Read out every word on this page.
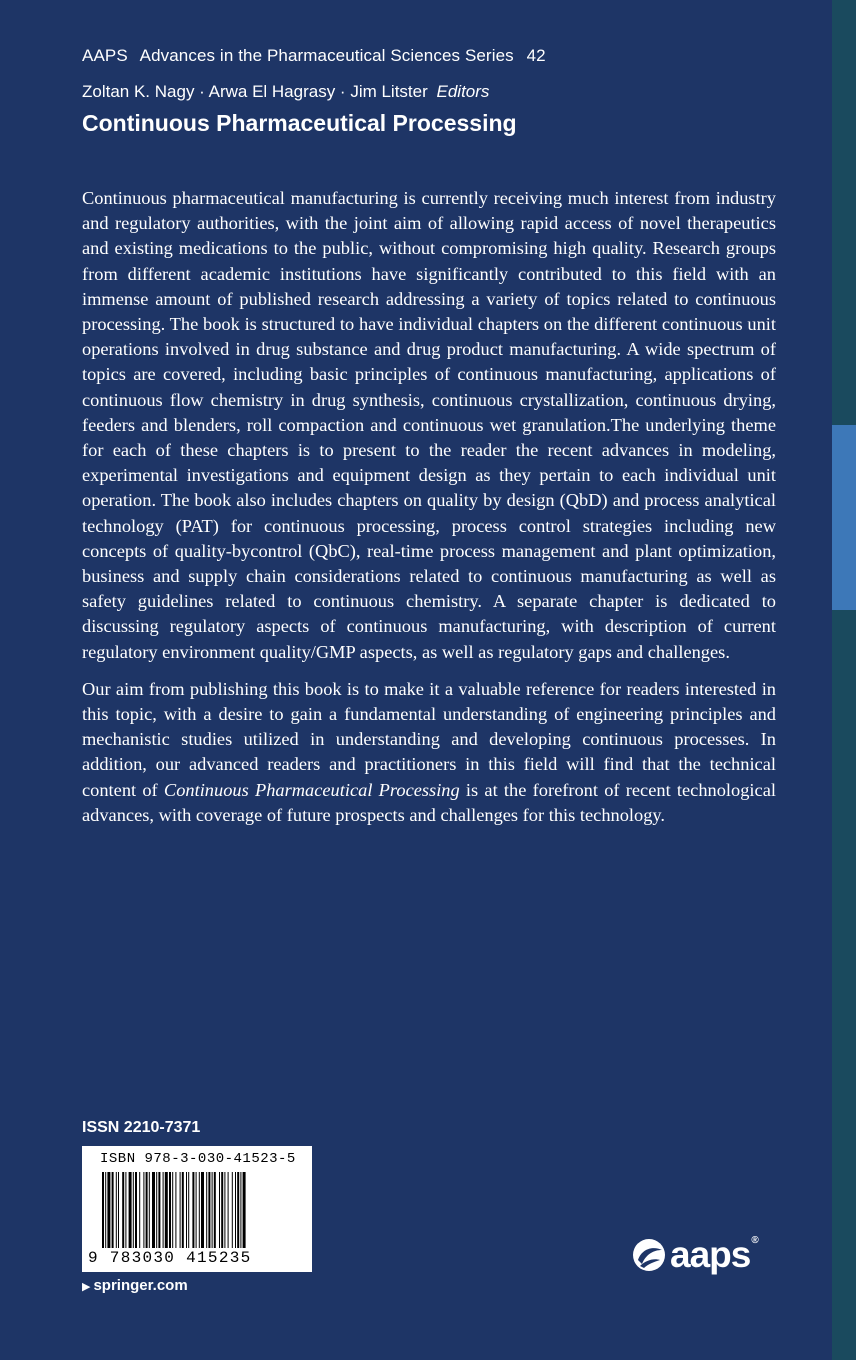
AAPS Advances in the Pharmaceutical Sciences Series 42
Zoltan K. Nagy · Arwa El Hagrasy · Jim Litster Editors
Continuous Pharmaceutical Processing

Continuous pharmaceutical manufacturing is currently receiving much interest from industry and regulatory authorities, with the joint aim of allowing rapid access of novel therapeutics and existing medications to the public, without compromising high quality. Research groups from different academic institutions have significantly contributed to this field with an immense amount of published research addressing a variety of topics related to continuous processing. The book is structured to have individual chapters on the different continuous unit operations involved in drug substance and drug product manufacturing. A wide spectrum of topics are covered, including basic principles of continuous manufacturing, applications of continuous flow chemistry in drug synthesis, continuous crystallization, continuous drying, feeders and blenders, roll compaction and continuous wet granulation.The underlying theme for each of these chapters is to present to the reader the recent advances in modeling, experimental investigations and equipment design as they pertain to each individual unit operation. The book also includes chapters on quality by design (QbD) and process analytical technology (PAT) for continuous processing, process control strategies including new concepts of quality-bycontrol (QbC), real-time process management and plant optimization, business and supply chain considerations related to continuous manufacturing as well as safety guidelines related to continuous chemistry. A separate chapter is dedicated to discussing regulatory aspects of continuous manufacturing, with description of current regulatory environment quality/GMP aspects, as well as regulatory gaps and challenges.

Our aim from publishing this book is to make it a valuable reference for readers interested in this topic, with a desire to gain a fundamental understanding of engineering principles and mechanistic studies utilized in understanding and developing continuous processes. In addition, our advanced readers and practitioners in this field will find that the technical content of Continuous Pharmaceutical Processing is at the forefront of recent technological advances, with coverage of future prospects and challenges for this technology.

ISSN 2210-7371
ISBN 978-3-030-41523-5
9 783030 415235
▶ springer.com
aaps®
